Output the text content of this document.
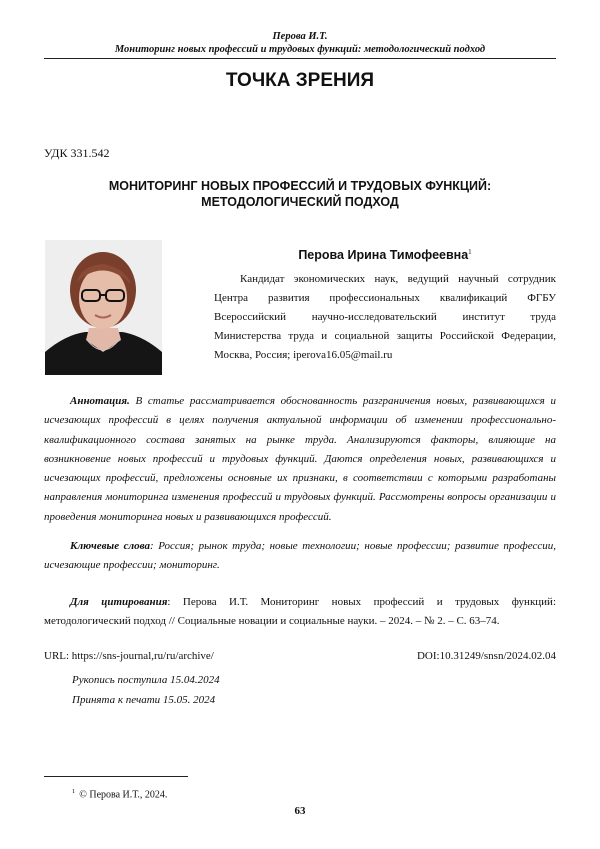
Перова И.Т.
Мониторинг новых профессий и трудовых функций: методологический подход
ТОЧКА ЗРЕНИЯ
УДК 331.542
МОНИТОРИНГ НОВЫХ ПРОФЕССИЙ И ТРУДОВЫХ ФУНКЦИЙ:
МЕТОДОЛОГИЧЕСКИЙ ПОДХОД
Перова Ирина Тимофеевна$^1$
Кандидат экономических наук, ведущий научный сотрудник Центра развития профессиональных квалификаций ФГБУ Всероссийский научно-исследовательский институт труда Министерства труда и социальной защиты Российской Федерации, Москва, Россия; iperova16.05@mail.ru

Аннотация. В статье рассматривается обоснованность разграничения новых, развивающихся и исчезающих профессий в целях получения актуальной информации об изменении профессионально-квалификационного состава занятых на рынке труда. Анализируются факторы, влияющие на возникновение новых профессий и трудовых функций. Даются определения новых, развивающихся и исчезающих профессий, предложены основные их признаки, в соответствии с которыми разработаны направления мониторинга изменения профессий и трудовых функций. Рассмотрены вопросы организации и проведения мониторинга новых и развивающихся профессий.

Ключевые слова: Россия; рынок труда; новые технологии; новые профессии; развитие профессии, исчезающие профессии; мониторинг.

Для цитирования: Перова И.Т. Мониторинг новых профессий и трудовых функций: методологический подход // Социальные новации и социальные науки. – 2024. – № 2. – С. 63–74.

URL: https://sns-journal,ru/ru/archive/	DOI:10.31249/snsn/2024.02.04
Рукопись поступила 15.04.2024
Принята к печати 15.05. 2024
$^1$ © Перова И.Т., 2024.
63
